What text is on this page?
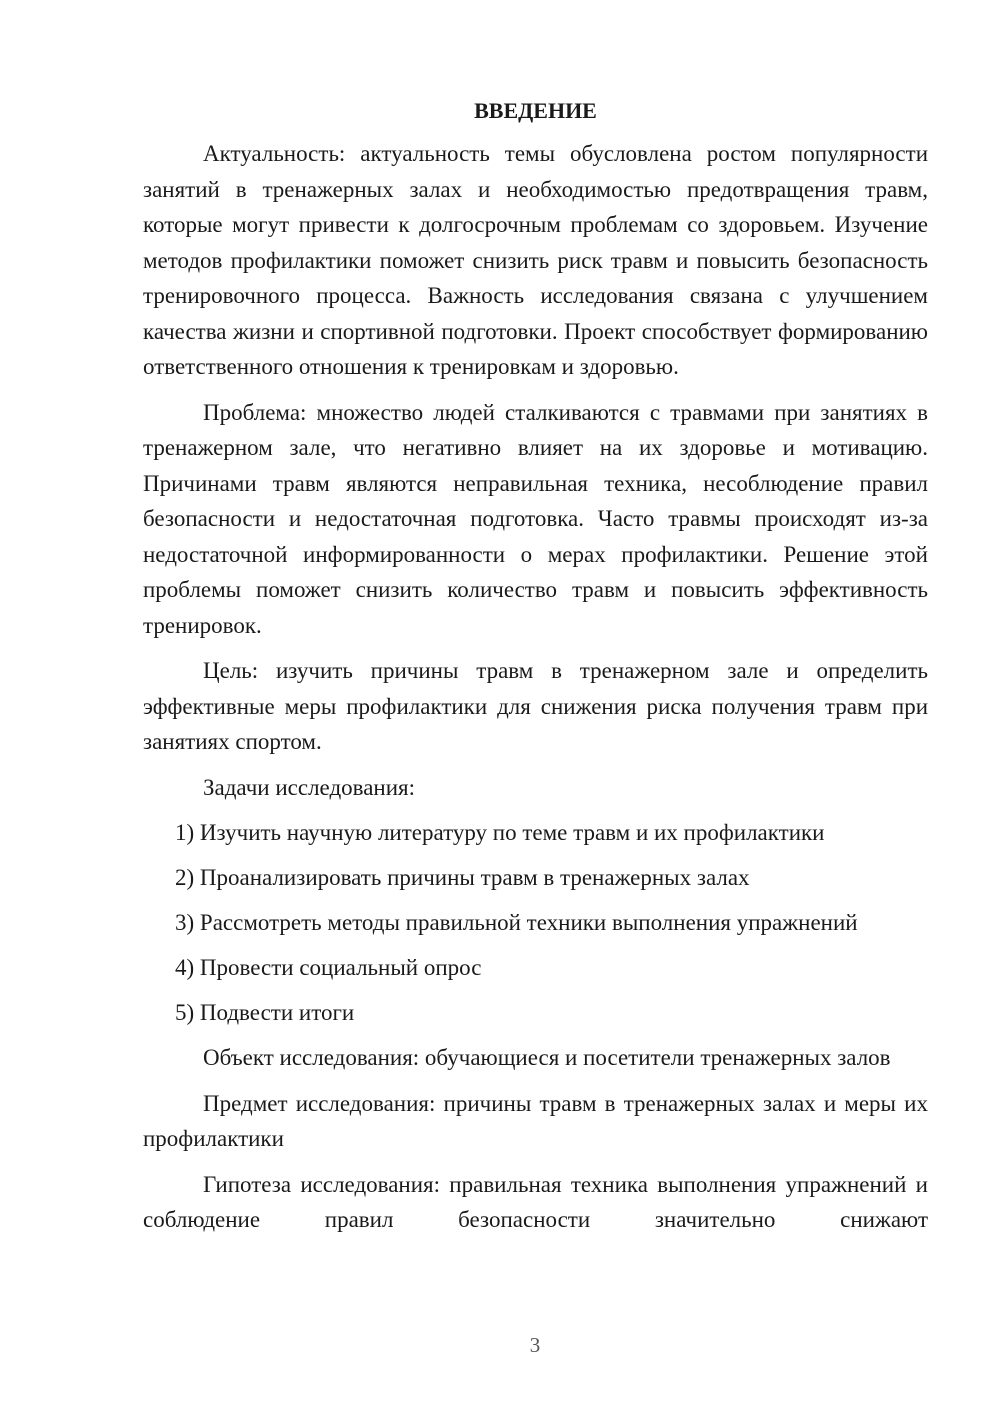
ВВЕДЕНИЕ

Актуальность: актуальность темы обусловлена ростом популярности занятий в тренажерных залах и необходимостью предотвращения травм, которые могут привести к долгосрочным проблемам со здоровьем. Изучение методов профилактики поможет снизить риск травм и повысить безопасность тренировочного процесса. Важность исследования связана с улучшением качества жизни и спортивной подготовки. Проект способствует формированию ответственного отношения к тренировкам и здоровью.

Проблема: множество людей сталкиваются с травмами при занятиях в тренажерном зале, что негативно влияет на их здоровье и мотивацию. Причинами травм являются неправильная техника, несоблюдение правил безопасности и недостаточная подготовка. Часто травмы происходят из-за недостаточной информированности о мерах профилактики. Решение этой проблемы поможет снизить количество травм и повысить эффективность тренировок.

Цель: изучить причины травм в тренажерном зале и определить эффективные меры профилактики для снижения риска получения травм при занятиях спортом.

Задачи исследования:

1) Изучить научную литературу по теме травм и их профилактики

2) Проанализировать причины травм в тренажерных залах

3) Рассмотреть методы правильной техники выполнения упражнений

4) Провести социальный опрос

5) Подвести итоги

Объект исследования: обучающиеся и посетители тренажерных залов

Предмет исследования: причины травм в тренажерных залах и меры их профилактики

Гипотеза исследования: правильная техника выполнения упражнений и соблюдение правил безопасности значительно снижают

3
